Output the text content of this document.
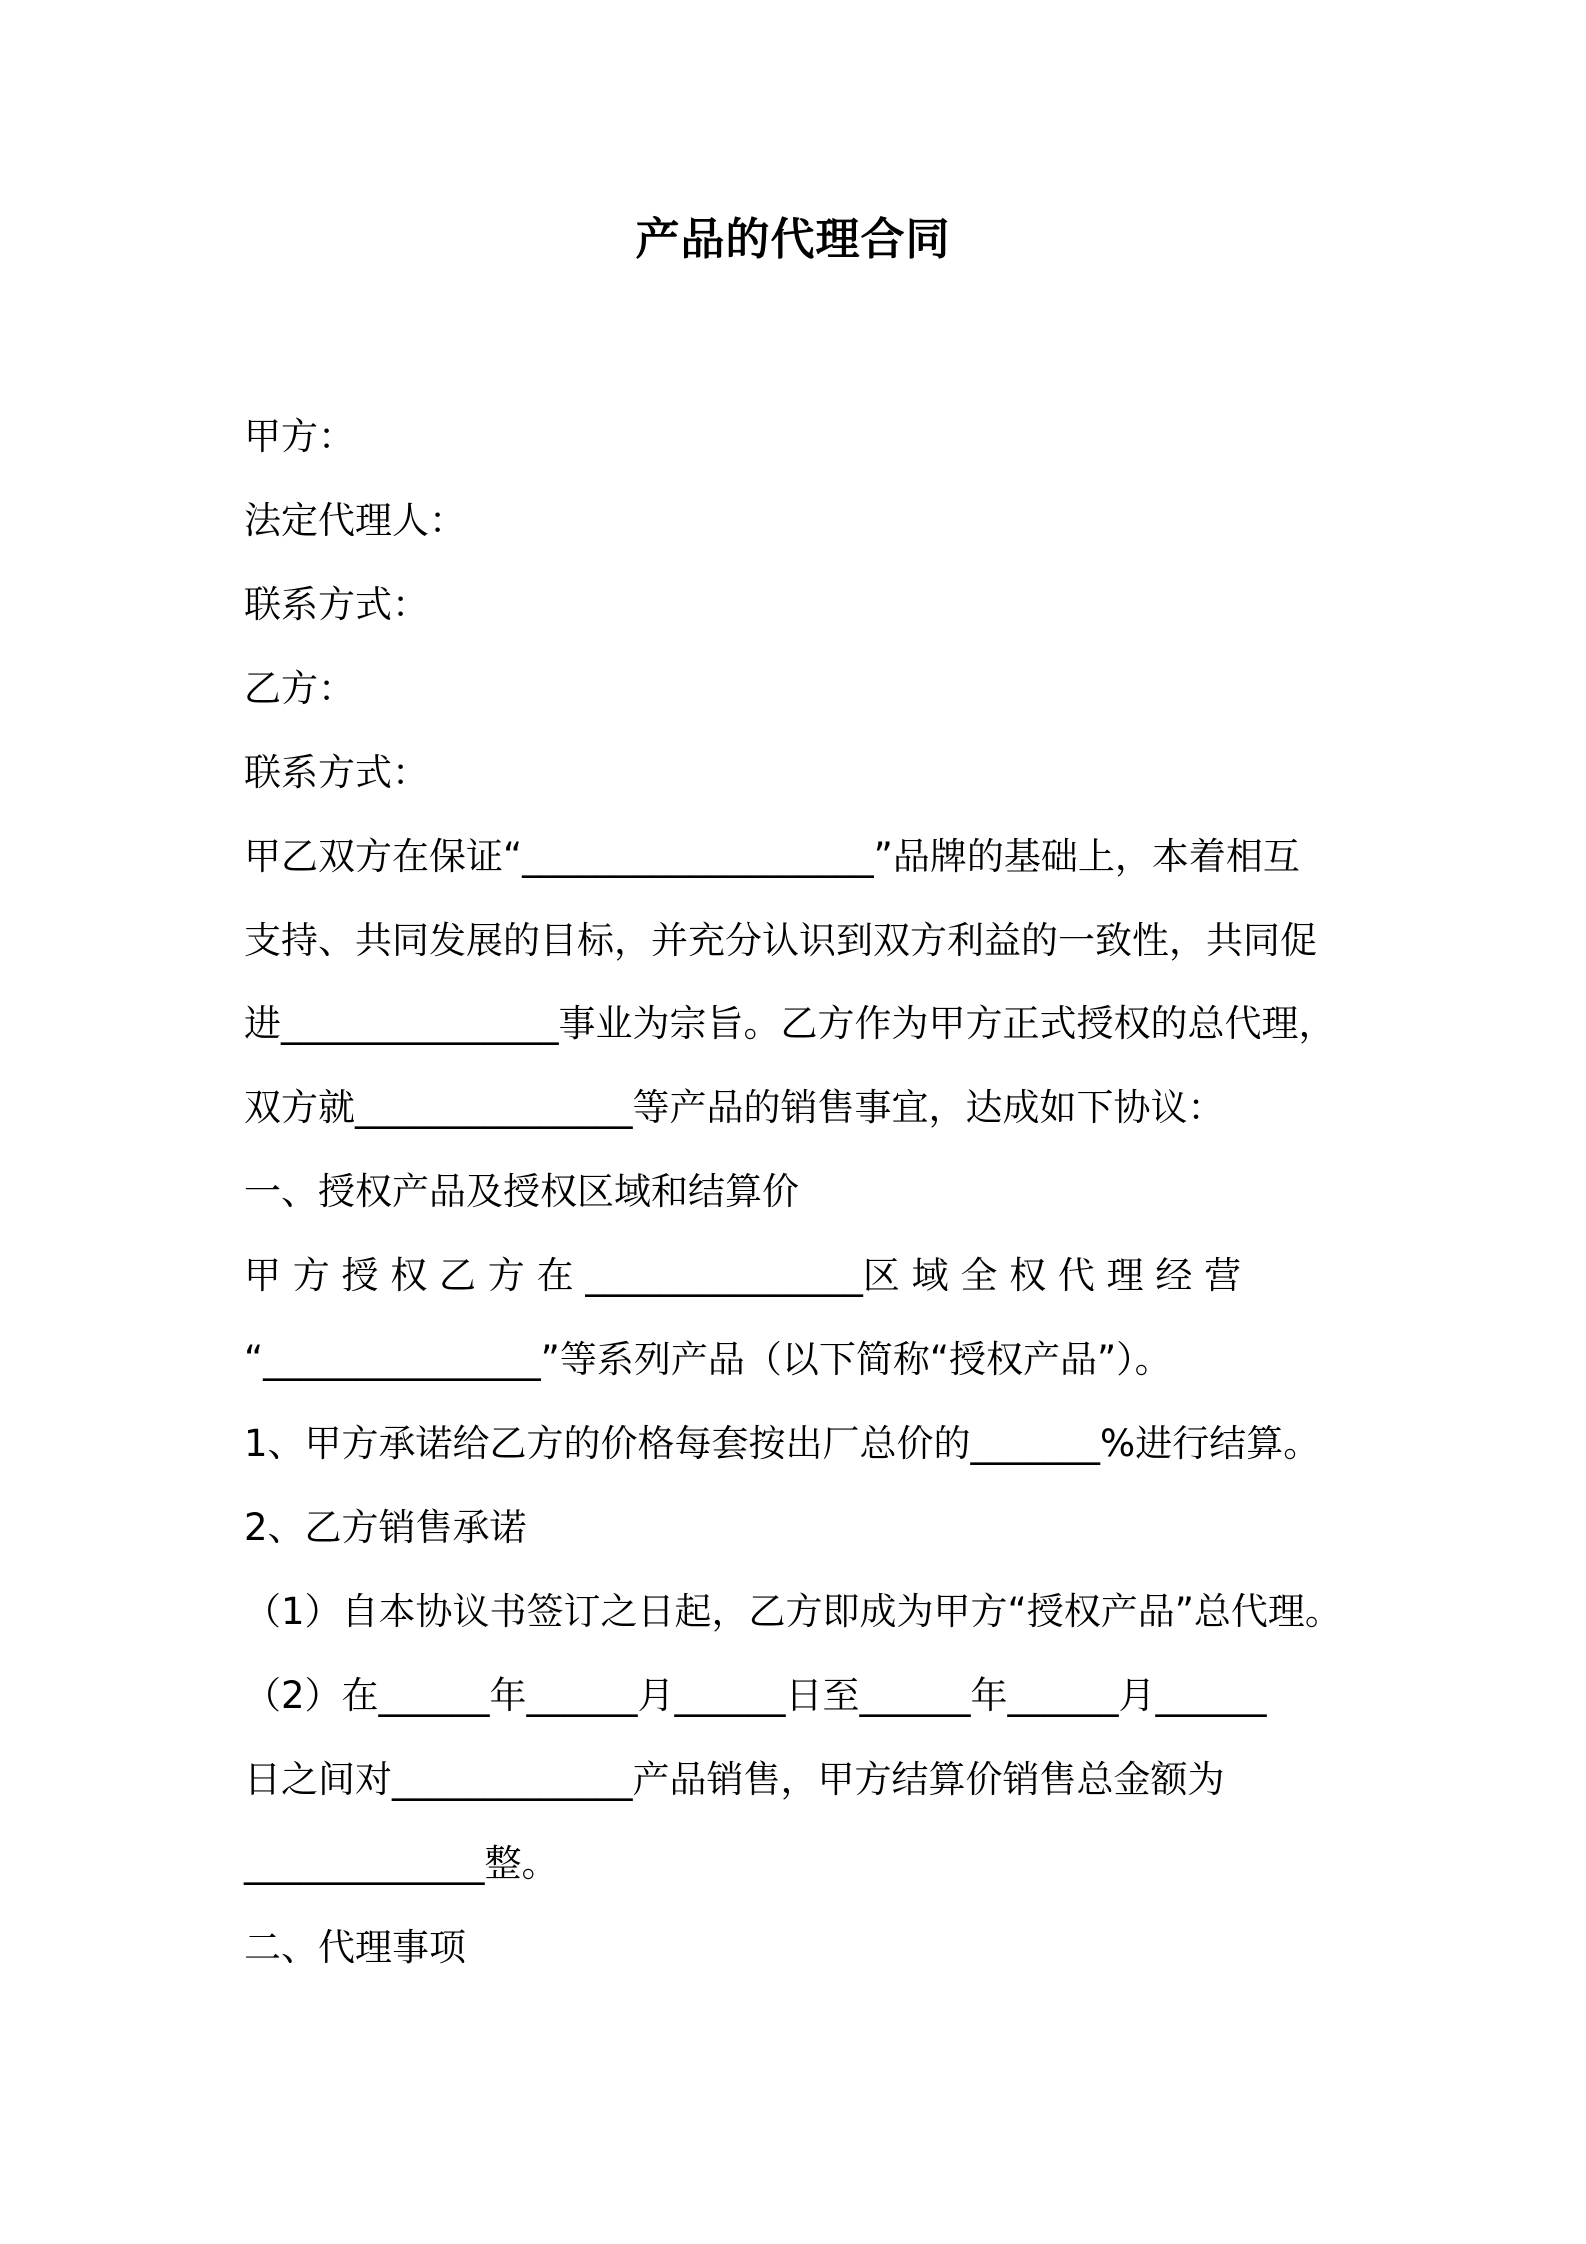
产品的代理合同
甲方：
法定代理人：
联系方式：
乙方：
联系方式：
甲乙双方在保证“___________________”品牌的基础上，本着相互
支持、共同发展的目标，并充分认识到双方利益的一致性，共同促
进_______________事业为宗旨。乙方作为甲方正式授权的总代理，
双方就_______________等产品的销售事宜，达成如下协议：
一、授权产品及授权区域和结算价
甲 方 授 权 乙 方 在 _______________区 域 全 权 代 理 经 营
“_______________”等系列产品（以下简称“授权产品”）。
1、甲方承诺给乙方的价格每套按出厂总价的_______%进行结算。
2、乙方销售承诺
（1）自本协议书签订之日起，乙方即成为甲方“授权产品”总代理。
（2）在______年______月______日至______年______月______
日之间对_____________产品销售，甲方结算价销售总金额为
_____________整。
二、代理事项
